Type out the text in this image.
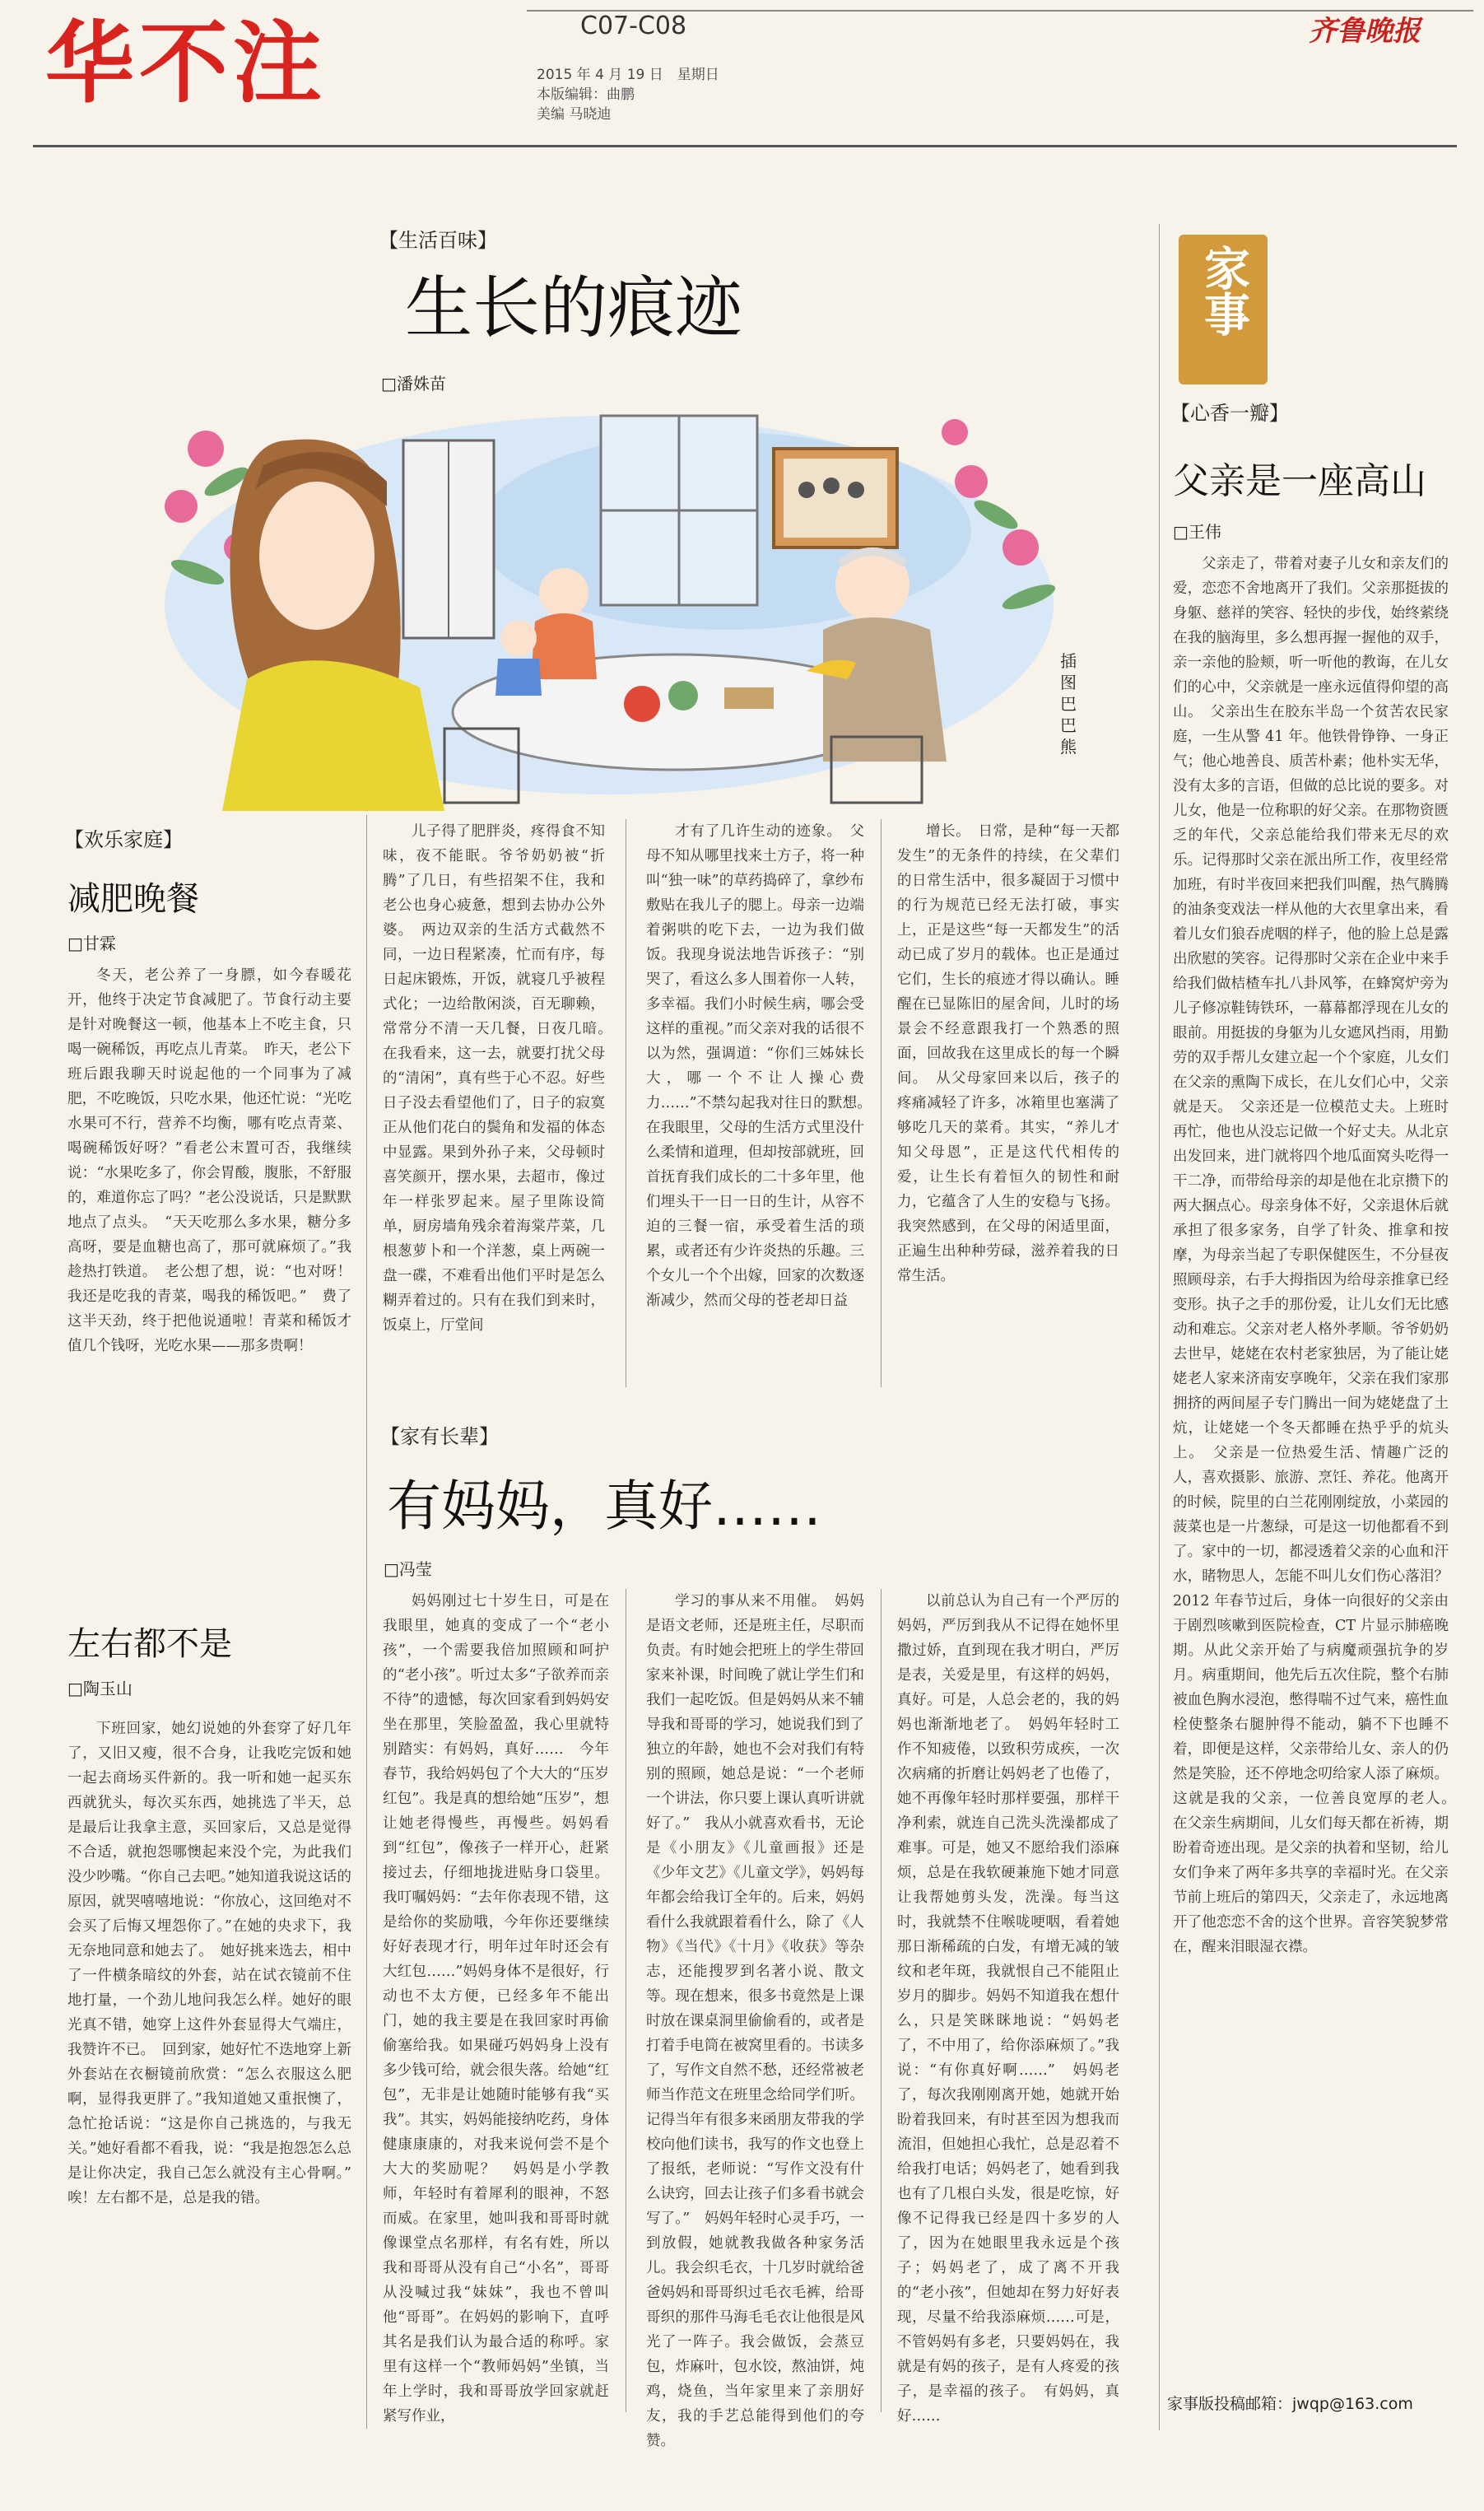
华不注	C07-C08
2015 年 4 月 19 日　星期日
本版编辑：曲鹏
美编 马晓迪
齐鲁晚报
【生活百味】
生长的痕迹
□潘姝苗
插图　巴巴熊

儿子得了肥胖炎，疼得食不知味，夜不能眠。爷爷奶奶被“折腾”了几日，有些招架不住，我和老公也身心疲惫，想到去协办公外婆。　两边双亲的生活方式截然不同，一边日程紧凑，忙而有序，每日起床锻炼，开饭，就寝几乎被程式化；一边给散闲淡，百无聊赖，常常分不清一天几餐，日夜几暗。　在我看来，这一去，就要打扰父母的“清闲”，真有些于心不忍。好些日子没去看望他们了，日子的寂寞正从他们花白的鬓角和发福的体态中显露。果到外孙子来，父母顿时喜笑颜开，摆水果，去超市，像过年一样张罗起来。屋子里陈设简单，厨房墙角残余着海棠芹菜，几根葱萝卜和一个洋葱，桌上两碗一盘一碟，不难看出他们平时是怎么糊弄着过的。只有在我们到来时，饭桌上，厅堂间

才有了几许生动的迹象。　父母不知从哪里找来土方子，将一种叫“独一味”的草药捣碎了，拿纱布敷贴在我儿子的腮上。母亲一边端着粥哄的吃下去，一边为我们做饭。我现身说法地告诉孩子：“别哭了，看这么多人围着你一人转，多幸福。我们小时候生病，哪会受这样的重视。”而父亲对我的话很不以为然，强调道：“你们三姊妹长大，哪一个不让人操心费力……”不禁勾起我对往日的默想。　在我眼里，父母的生活方式里没什么柔情和道理，但却按部就班，回首抚育我们成长的二十多年里，他们埋头干一日一日的生计，从容不迫的三餐一宿，承受着生活的琐累，或者还有少许炎热的乐趣。三个女儿一个个出嫁，回家的次数逐渐减少，然而父母的苍老却日益

增长。　日常，是种“每一天都发生”的无条件的持续，在父辈们的日常生活中，很多凝固于习惯中的行为规范已经无法打破，事实上，正是这些“每一天都发生”的活动已成了岁月的载体。也正是通过它们，生长的痕迹才得以确认。睡醒在已显陈旧的屋舍间，儿时的场景会不经意跟我打一个熟悉的照面，回故我在这里成长的每一个瞬间。　从父母家回来以后，孩子的疼痛减轻了许多，冰箱里也塞满了够吃几天的菜肴。其实，“养儿才知父母恩”，正是这代代相传的爱，让生长有着恒久的韧性和耐力，它蕴含了人生的安稳与飞扬。我突然感到，在父母的闲适里面，正遍生出种种劳碌，滋养着我的日常生活。

【欢乐家庭】
减肥晚餐
□甘霖

冬天，老公养了一身膘，如今春暖花开，他终于决定节食减肥了。节食行动主要是针对晚餐这一顿，他基本上不吃主食，只喝一碗稀饭，再吃点儿青菜。　昨天，老公下班后跟我聊天时说起他的一个同事为了减肥，不吃晚饭，只吃水果，他还忙说：“光吃水果可不行，营养不均衡，哪有吃点青菜、喝碗稀饭好呀？”看老公末置可否，我继续说：“水果吃多了，你会胃酸，腹胀，不舒服的，难道你忘了吗？”老公没说话，只是默默地点了点头。　“天天吃那么多水果，糖分多高呀，要是血糖也高了，那可就麻烦了。”我趁热打铁道。　老公想了想，说：“也对呀！我还是吃我的青菜，喝我的稀饭吧。”　费了这半天劲，终于把他说通啦！青菜和稀饭才值几个钱呀，光吃水果——那多贵啊！

左右都不是
□陶玉山

下班回家，她幻说她的外套穿了好几年了，又旧又瘦，很不合身，让我吃完饭和她一起去商场买件新的。我一听和她一起买东西就犹头，每次买东西，她挑选了半天，总是最后让我拿主意，买回家后，又总是觉得不合适，就抱怨哪懊起来没个完，为此我们没少吵嘴。“你自己去吧。”她知道我说这话的原因，就哭嘻嘻地说：“你放心，这回绝对不会买了后悔又埋怨你了。”在她的央求下，我无奈地同意和她去了。　她好挑来选去，相中了一件横条暗纹的外套，站在试衣镜前不住地打量，一个劲儿地问我怎么样。她好的眼光真不错，她穿上这件外套显得大气端庄，我赞许不已。　回到家，她好忙不迭地穿上新外套站在衣橱镜前欣赏：“怎么衣服这么肥啊，显得我更胖了。”我知道她又重抿懊了，急忙抢话说：“这是你自己挑选的，与我无关。”她好看都不看我，说：“我是抱怨怎么总是让你决定，我自己怎么就没有主心骨啊。”　唉！左右都不是，总是我的错。

【家有长辈】
有妈妈，真好……
□冯莹

妈妈刚过七十岁生日，可是在我眼里，她真的变成了一个“老小孩”，一个需要我倍加照顾和呵护的“老小孩”。听过太多“子欲养而亲不待”的遗憾，每次回家看到妈妈安坐在那里，笑脸盈盈，我心里就特别踏实：有妈妈，真好……　今年春节，我给妈妈包了个大大的“压岁红包”。我是真的想给她“压岁”，想让她老得慢些，再慢些。妈妈看到“红包”，像孩子一样开心，赶紧接过去，仔细地拢进贴身口袋里。我叮嘱妈妈：“去年你表现不错，这是给你的奖励哦，今年你还要继续好好表现才行，明年过年时还会有大红包……”妈妈身体不是很好，行动也不太方便，已经多年不能出门，她的我主要是在我回家时再偷偷塞给我。如果碰巧妈妈身上没有多少钱可给，就会很失落。给她“红包”，无非是让她随时能够有我“买我”。其实，妈妈能接纳吃药，身体健康康康的，对我来说何尝不是个大大的奖励呢？　妈妈是小学教师，年轻时有着犀利的眼神，不怒而威。在家里，她叫我和哥哥时就像课堂点名那样，有名有姓，所以我和哥哥从没有自己“小名”，哥哥从没喊过我“妹妹”，我也不曾叫他“哥哥”。在妈妈的影响下，直呼其名是我们认为最合适的称呼。家里有这样一个“教师妈妈”坐镇，当年上学时，我和哥哥放学回家就赶紧写作业，

学习的事从来不用催。　妈妈是语文老师，还是班主任，尽职而负责。有时她会把班上的学生带回家来补课，时间晚了就让学生们和我们一起吃饭。但是妈妈从来不辅导我和哥哥的学习，她说我们到了独立的年龄，她也不会对我们有特别的照顾，她总是说：“一个老师一个讲法，你只要上课认真听讲就好了。”　我从小就喜欢看书，无论是《小朋友》《儿童画报》还是《少年文艺》《儿童文学》，妈妈每年都会给我订全年的。后来，妈妈看什么我就跟着看什么，除了《人物》《当代》《十月》《收获》等杂志，还能搜罗到名著小说、散文等。现在想来，很多书竟然是上课时放在课桌洞里偷偷看的，或者是打着手电筒在被窝里看的。书读多了，写作文自然不愁，还经常被老师当作范文在班里念给同学们听。记得当年有很多来函朋友带我的学校向他们读书，我写的作文也登上了报纸，老师说：“写作文没有什么诀窍，回去让孩子们多看书就会写了。”　妈妈年轻时心灵手巧，一到放假，她就教我做各种家务活儿。我会织毛衣，十几岁时就给爸爸妈妈和哥哥织过毛衣毛裤，给哥哥织的那件马海毛毛衣让他很是风光了一阵子。我会做饭，会蒸豆包，炸麻叶，包水饺，熬油饼，炖鸡，烧鱼，当年家里来了亲朋好友，我的手艺总能得到他们的夸赞。

以前总认为自己有一个严厉的妈妈，严厉到我从不记得在她怀里撒过娇，直到现在我才明白，严厉是表，关爱是里，有这样的妈妈，真好。可是，人总会老的，我的妈妈也渐渐地老了。　妈妈年轻时工作不知疲倦，以致积劳成疾，一次次病痛的折磨让妈妈老了也倦了，她不再像年轻时那样要强，那样干净利索，就连自己洗头洗澡都成了难事。可是，她又不愿给我们添麻烦，总是在我软硬兼施下她才同意让我帮她剪头发，洗澡。每当这时，我就禁不住喉咙哽咽，看着她那日渐稀疏的白发，有增无减的皱纹和老年斑，我就恨自己不能阻止岁月的脚步。妈妈不知道我在想什么，只是笑眯眯地说：“妈妈老了，不中用了，给你添麻烦了。”我说：“有你真好啊……”　妈妈老了，每次我刚刚离开她，她就开始盼着我回来，有时甚至因为想我而流泪，但她担心我忙，总是忍着不给我打电话；妈妈老了，她看到我也有了几根白头发，很是吃惊，好像不记得我已经是四十多岁的人了，因为在她眼里我永远是个孩子；妈妈老了，成了离不开我的“老小孩”，但她却在努力好好表现，尽量不给我添麻烦……可是，不管妈妈有多老，只要妈妈在，我就是有妈的孩子，是有人疼爱的孩子，是幸福的孩子。　有妈妈，真好……

家事
【心香一瓣】
父亲是一座高山
□王伟

父亲走了，带着对妻子儿女和亲友们的爱，恋恋不舍地离开了我们。父亲那挺拔的身躯、慈祥的笑容、轻快的步伐，始终萦绕在我的脑海里，多么想再握一握他的双手，亲一亲他的脸颊，听一听他的教诲，在儿女们的心中，父亲就是一座永远值得仰望的高山。　父亲出生在胶东半岛一个贫苦农民家庭，一生从警 41 年。他铁骨铮铮、一身正气；他心地善良、质苦朴素；他朴实无华，没有太多的言语，但做的总比说的要多。对儿女，他是一位称职的好父亲。在那物资匮乏的年代，父亲总能给我们带来无尽的欢乐。记得那时父亲在派出所工作，夜里经常加班，有时半夜回来把我们叫醒，热气腾腾的油条变戏法一样从他的大衣里拿出来，看着儿女们狼吞虎咽的样子，他的脸上总是露出欣慰的笑容。记得那时父亲在企业中来手给我们做桔楂车扎八卦风筝，在蜂窝炉旁为儿子修凉鞋铸铁环，一幕幕都浮现在儿女的眼前。用挺拔的身躯为儿女遮风挡雨，用勤劳的双手帮儿女建立起一个个家庭，儿女们在父亲的熏陶下成长，在儿女们心中，父亲就是天。　父亲还是一位模范丈夫。上班时再忙，他也从没忘记做一个好丈夫。从北京出发回来，进门就将四个地瓜面窝头吃得一干二净，而带给母亲的却是他在北京攒下的两大捆点心。母亲身体不好，父亲退休后就承担了很多家务，自学了针灸、推拿和按摩，为母亲当起了专职保健医生，不分昼夜照顾母亲，右手大拇指因为给母亲推拿已经变形。执子之手的那份爱，让儿女们无比感动和难忘。父亲对老人格外孝顺。爷爷奶奶去世早，姥姥在农村老家独居，为了能让姥姥老人家来济南安享晚年，父亲在我们家那拥挤的两间屋子专门腾出一间为姥姥盘了土炕，让姥姥一个冬天都睡在热乎乎的炕头上。　父亲是一位热爱生活、情趣广泛的人，喜欢摄影、旅游、烹饪、养花。他离开的时候，院里的白兰花刚刚绽放，小菜园的菠菜也是一片葱绿，可是这一切他都看不到了。家中的一切，都浸透着父亲的心血和汗水，睹物思人，怎能不叫儿女们伤心落泪？　2012 年春节过后，身体一向很好的父亲由于剧烈咳嗽到医院检查，CT 片显示肺癌晚期。从此父亲开始了与病魔顽强抗争的岁月。病重期间，他先后五次住院，整个右肺被血色胸水浸泡，憋得喘不过气来，癌性血栓使整条右腿肿得不能动，躺不下也睡不着，即便是这样，父亲带给儿女、亲人的仍然是笑脸，还不停地念叨给家人添了麻烦。这就是我的父亲，一位善良宽厚的老人。　在父亲生病期间，儿女们每天都在祈祷，期盼着奇迹出现。是父亲的执着和坚韧，给儿女们争来了两年多共享的幸福时光。在父亲节前上班后的第四天，父亲走了，永远地离开了他恋恋不舍的这个世界。音容笑貌梦常在，醒来泪眼湿衣襟。

家事版投稿邮箱：jwqp@163.com
